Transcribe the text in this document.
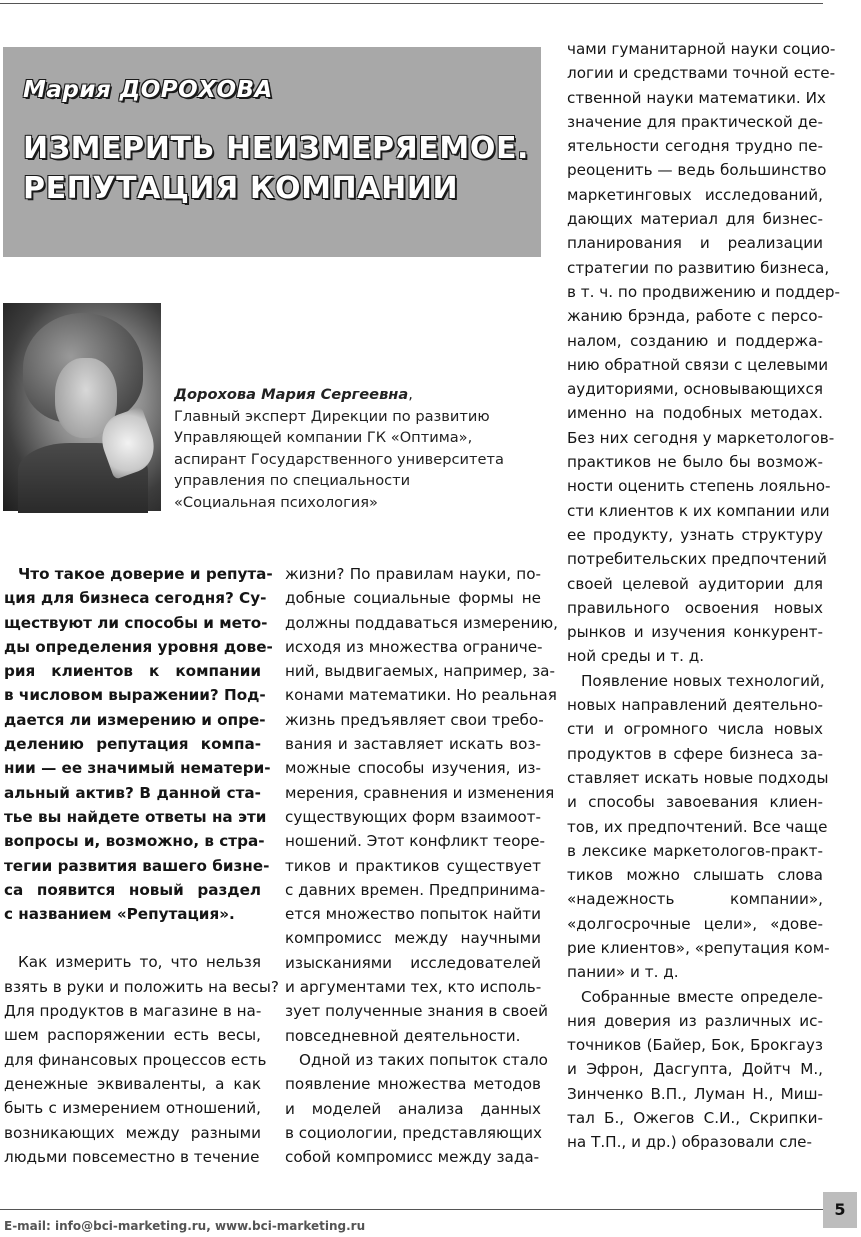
Мария ДОРОХОВА
ИЗМЕРИТЬ НЕИЗМЕРЯЕМОЕ.
РЕПУТАЦИЯ КОМПАНИИ
Дорохова Мария Сергеевна,
Главный эксперт Дирекции по развитию
Управляющей компании ГК «Оптима»,
аспирант Государственного университета
управления по специальности
«Социальная психология»
Что такое доверие и репута-
ция для бизнеса сегодня? Су-
ществуют ли способы и мето-
ды определения уровня дове-
рия клиентов к компании
в числовом выражении? Под-
дается ли измерению и опре-
делению репутация компа-
нии — ее значимый нематери-
альный актив? В данной ста-
тье вы найдете ответы на эти
вопросы и, возможно, в стра-
тегии развития вашего бизне-
са появится новый раздел
с названием «Репутация».
Как измерить то, что нельзя
взять в руки и положить на весы?
Для продуктов в магазине в на-
шем распоряжении есть весы,
для финансовых процессов есть
денежные эквиваленты, а как
быть с измерением отношений,
возникающих между разными
людьми повсеместно в течение
жизни? По правилам науки, по-
добные социальные формы не
должны поддаваться измерению,
исходя из множества ограниче-
ний, выдвигаемых, например, за-
конами математики. Но реальная
жизнь предъявляет свои требо-
вания и заставляет искать воз-
можные способы изучения, из-
мерения, сравнения и изменения
существующих форм взаимоот-
ношений. Этот конфликт теоре-
тиков и практиков существует
с давних времен. Предпринима-
ется множество попыток найти
компромисс между научными
изысканиями исследователей
и аргументами тех, кто исполь-
зует полученные знания в своей
повседневной деятельности.
Одной из таких попыток стало
появление множества методов
и моделей анализа данных
в социологии, представляющих
собой компромисс между зада-
чами гуманитарной науки социо-
логии и средствами точной есте-
ственной науки математики. Их
значение для практической де-
ятельности сегодня трудно пе-
реоценить — ведь большинство
маркетинговых исследований,
дающих материал для бизнес-
планирования и реализации
стратегии по развитию бизнеса,
в т. ч. по продвижению и поддер-
жанию брэнда, работе с персо-
налом, созданию и поддержа-
нию обратной связи с целевыми
аудиториями, основывающихся
именно на подобных методах.
Без них сегодня у маркетологов-
практиков не было бы возмож-
ности оценить степень лояльно-
сти клиентов к их компании или
ее продукту, узнать структуру
потребительских предпочтений
своей целевой аудитории для
правильного освоения новых
рынков и изучения конкурент-
ной среды и т. д.
Появление новых технологий,
новых направлений деятельно-
сти и огромного числа новых
продуктов в сфере бизнеса за-
ставляет искать новые подходы
и способы завоевания клиен-
тов, их предпочтений. Все чаще
в лексике маркетологов-практ-
тиков можно слышать слова
«надежность компании»,
«долгосрочные цели», «дове-
рие клиентов», «репутация ком-
пании» и т. д.
Собранные вместе определе-
ния доверия из различных ис-
точников (Байер, Бок, Брокгауз
и Эфрон, Дасгупта, Дойтч М.,
Зинченко В.П., Луман Н., Миш-
тал Б., Ожегов С.И., Скрипки-
на Т.П., и др.) образовали сле-
E-mail: info@bci-marketing.ru, www.bci-marketing.ru
5
